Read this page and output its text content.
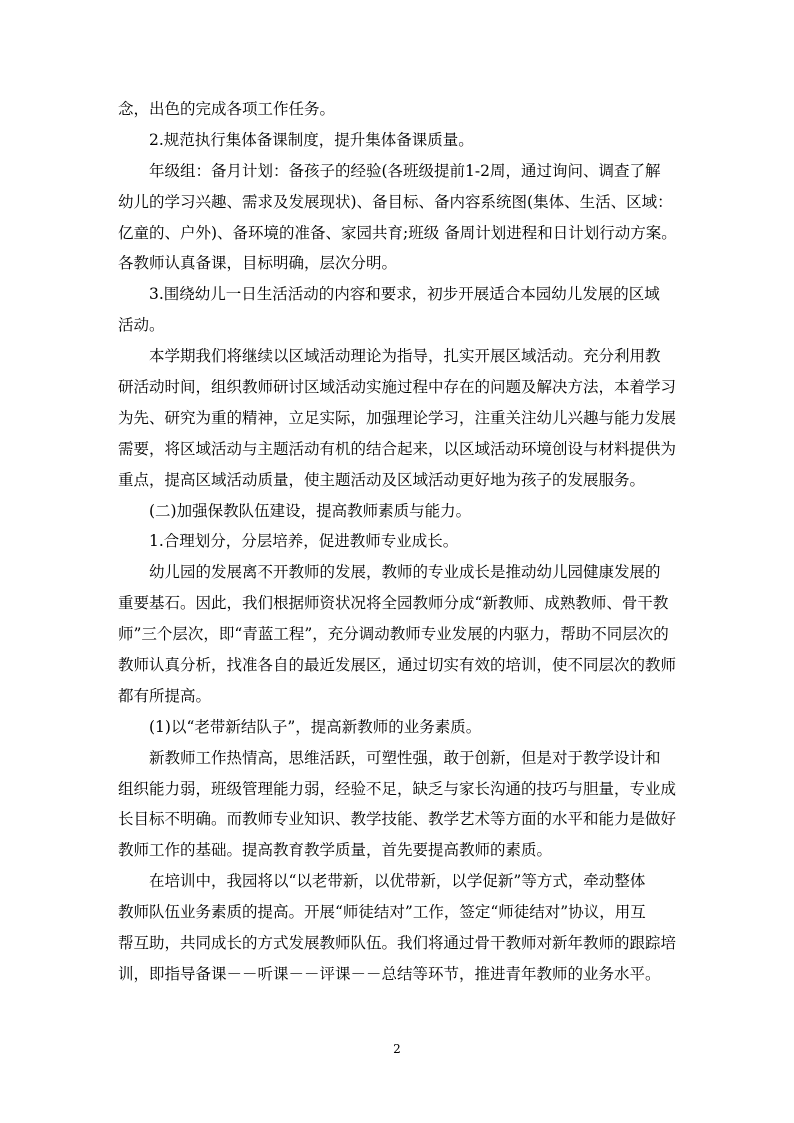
念，出色的完成各项工作任务。
2.规范执行集体备课制度，提升集体备课质量。
年级组：备月计划：备孩子的经验(各班级提前1-2周，通过询问、调查了解
幼儿的学习兴趣、需求及发展现状)、备目标、备内容系统图(集体、生活、区域：
亿童的、户外)、备环境的准备、家园共育;班级 备周计划进程和日计划行动方案。
各教师认真备课，目标明确，层次分明。
3.围绕幼儿一日生活活动的内容和要求，初步开展适合本园幼儿发展的区域
活动。
本学期我们将继续以区域活动理论为指导，扎实开展区域活动。充分利用教
研活动时间，组织教师研讨区域活动实施过程中存在的问题及解决方法，本着学习
为先、研究为重的精神，立足实际，加强理论学习，注重关注幼儿兴趣与能力发展
需要，将区域活动与主题活动有机的结合起来，以区域活动环境创设与材料提供为
重点，提高区域活动质量，使主题活动及区域活动更好地为孩子的发展服务。
(二)加强保教队伍建设，提高教师素质与能力。
1.合理划分，分层培养，促进教师专业成长。
幼儿园的发展离不开教师的发展，教师的专业成长是推动幼儿园健康发展的
重要基石。因此，我们根据师资状况将全园教师分成“新教师、成熟教师、骨干教
师”三个层次，即“青蓝工程”，充分调动教师专业发展的内驱力，帮助不同层次的
教师认真分析，找准各自的最近发展区，通过切实有效的培训，使不同层次的教师
都有所提高。
(1)以“老带新结队子”，提高新教师的业务素质。
新教师工作热情高，思维活跃，可塑性强，敢于创新，但是对于教学设计和
组织能力弱，班级管理能力弱，经验不足，缺乏与家长沟通的技巧与胆量，专业成
长目标不明确。而教师专业知识、教学技能、教学艺术等方面的水平和能力是做好
教师工作的基础。提高教育教学质量，首先要提高教师的素质。
在培训中，我园将以“以老带新，以优带新，以学促新”等方式，牵动整体
教师队伍业务素质的提高。开展“师徒结对”工作，签定“师徒结对”协议，用互
帮互助，共同成长的方式发展教师队伍。我们将通过骨干教师对新年教师的跟踪培
训，即指导备课－－听课－－评课－－总结等环节，推进青年教师的业务水平。
2
